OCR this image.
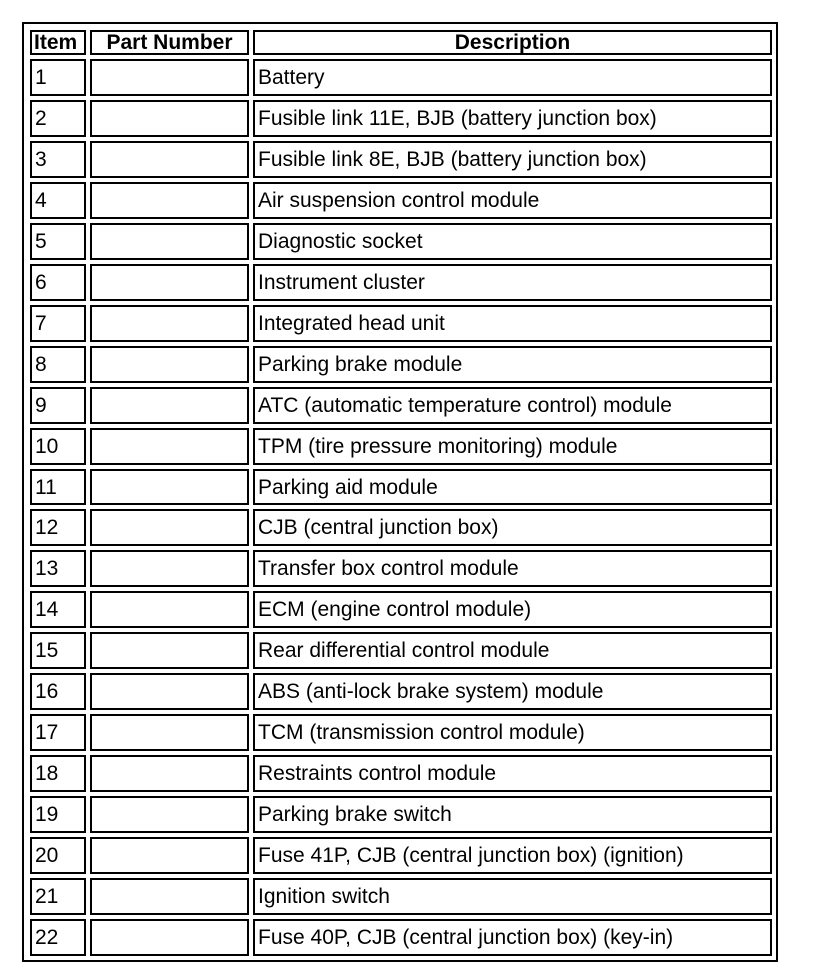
Item	Part Number	Description
1		Battery
2		Fusible link 11E, BJB (battery junction box)
3		Fusible link 8E, BJB (battery junction box)
4		Air suspension control module
5		Diagnostic socket
6		Instrument cluster
7		Integrated head unit
8		Parking brake module
9		ATC (automatic temperature control) module
10		TPM (tire pressure monitoring) module
11		Parking aid module
12		CJB (central junction box)
13		Transfer box control module
14		ECM (engine control module)
15		Rear differential control module
16		ABS (anti-lock brake system) module
17		TCM (transmission control module)
18		Restraints control module
19		Parking brake switch
20		Fuse 41P, CJB (central junction box) (ignition)
21		Ignition switch
22		Fuse 40P, CJB (central junction box) (key-in)
